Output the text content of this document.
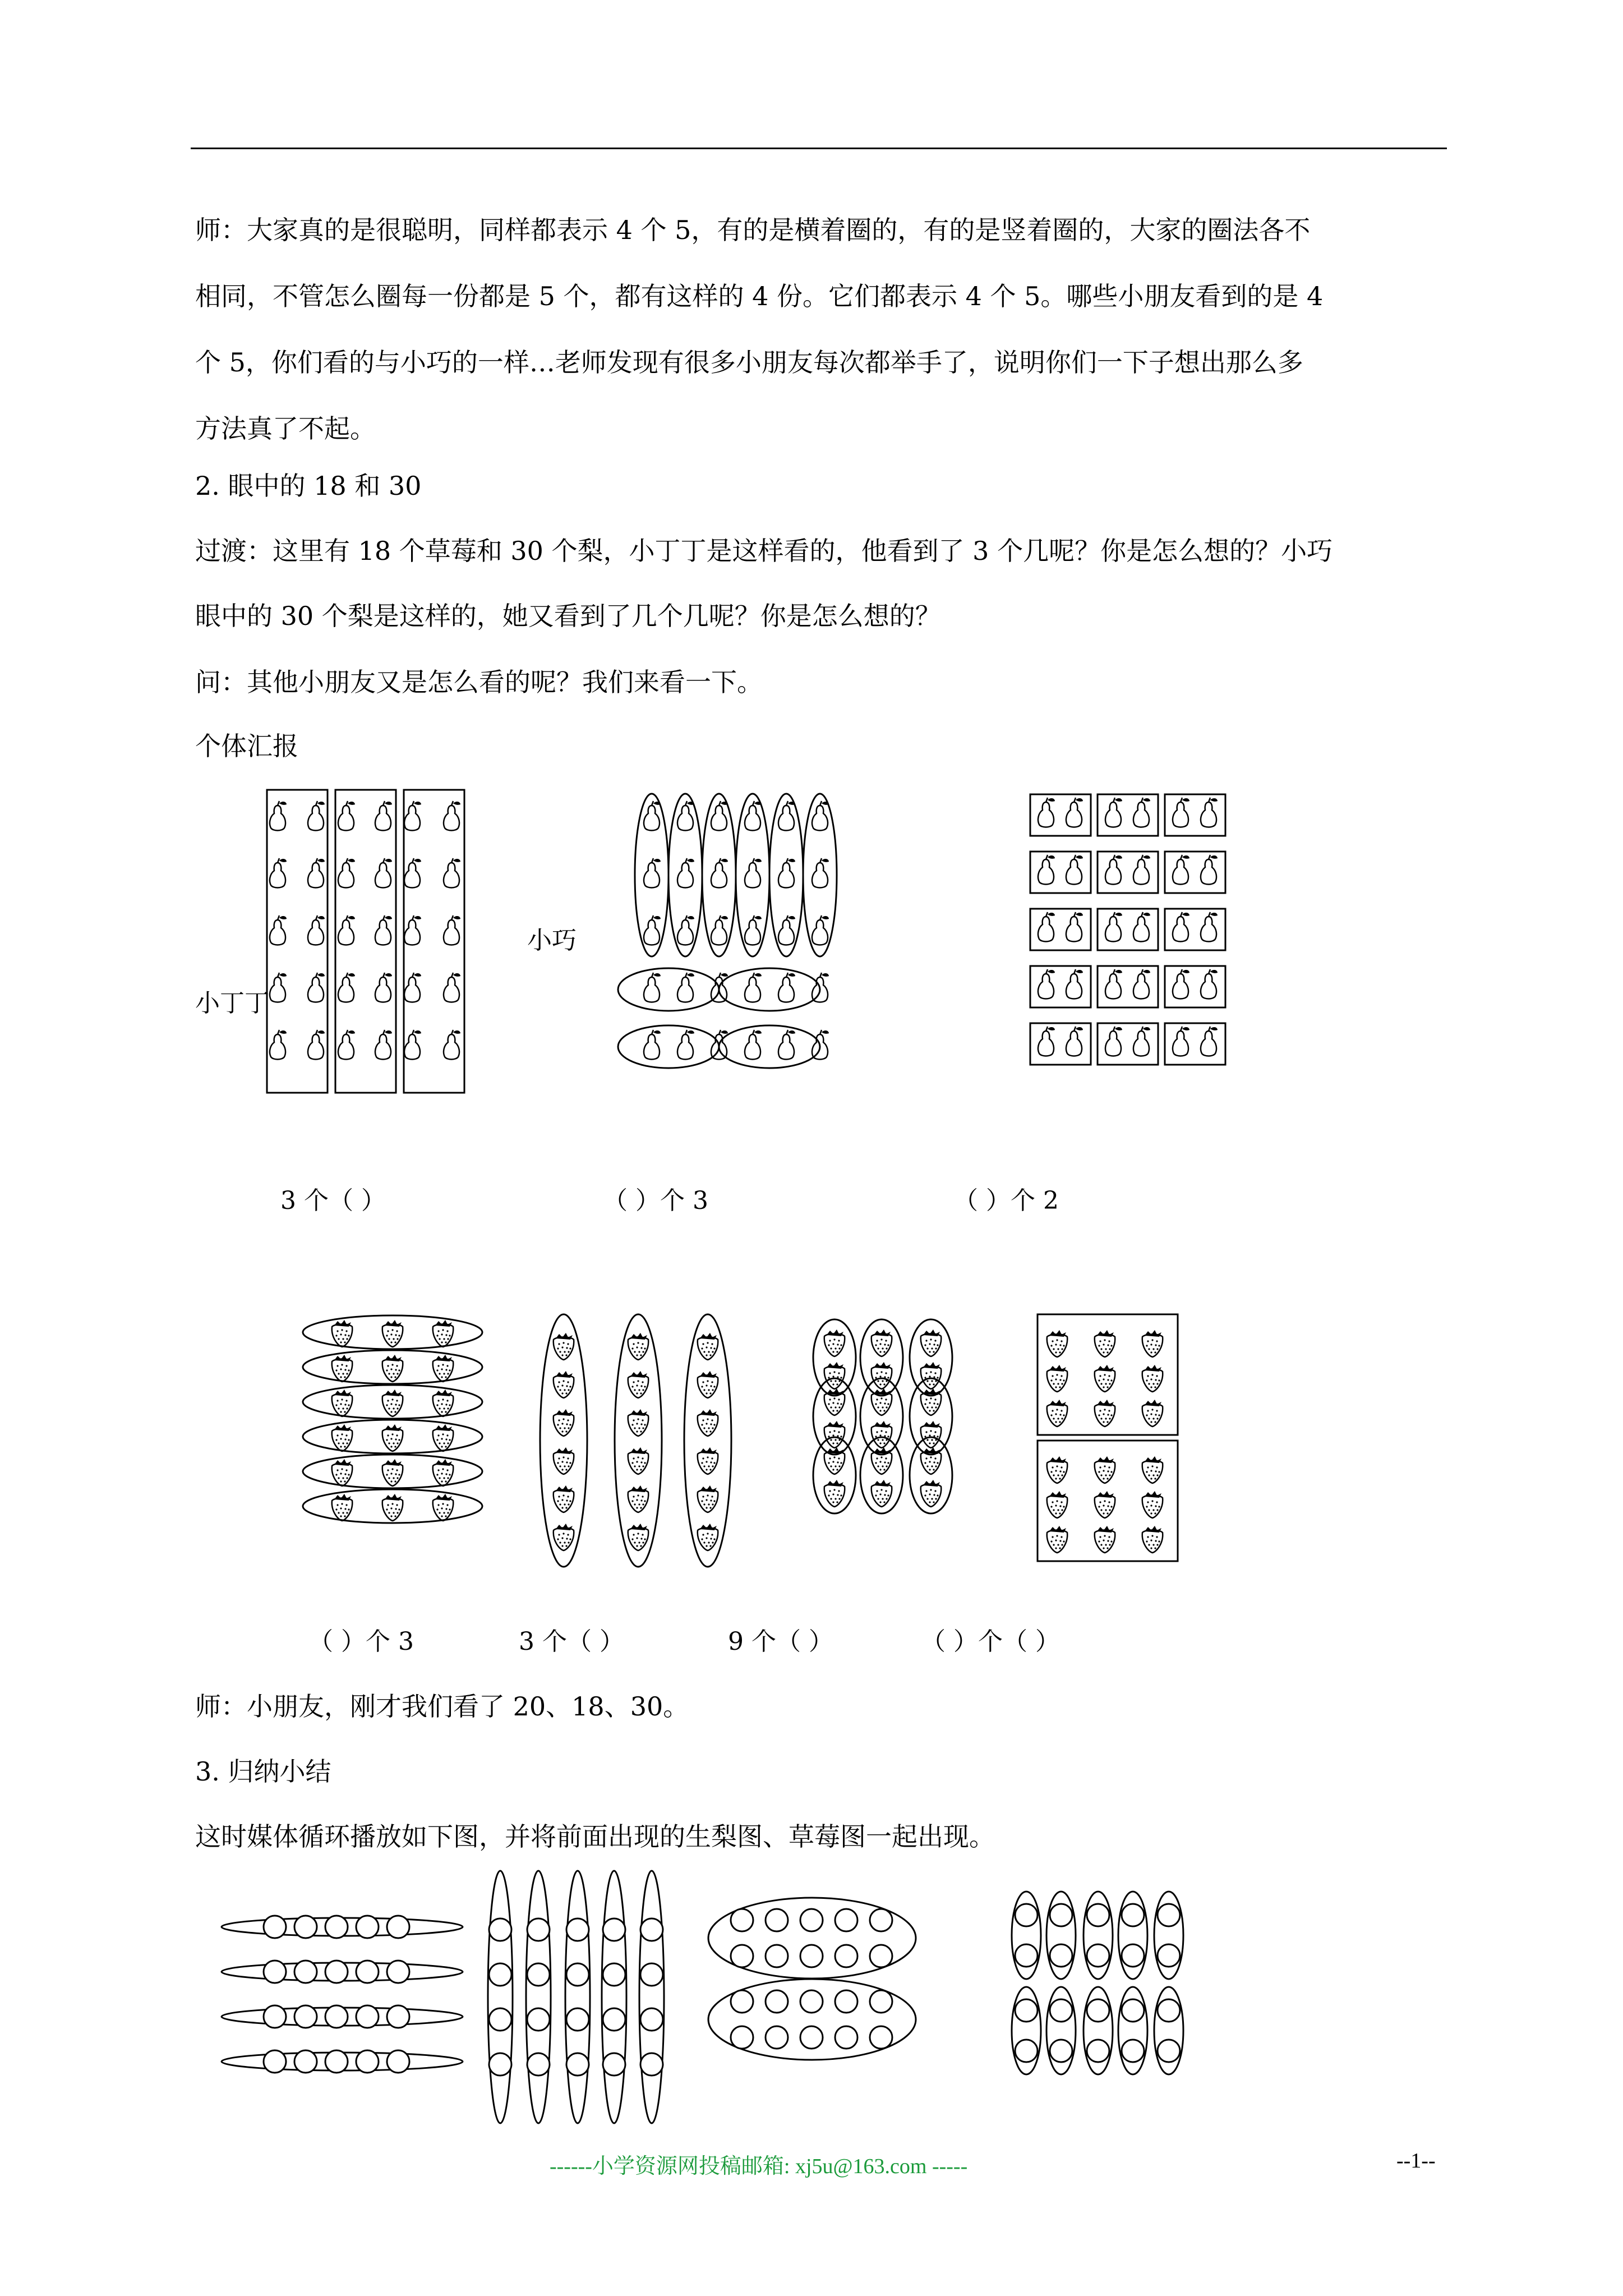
师：大家真的是很聪明，同样都表示 4 个 5，有的是横着圈的，有的是竖着圈的，大家的圈法各不
相同，不管怎么圈每一份都是 5 个，都有这样的 4 份。它们都表示 4 个 5。哪些小朋友看到的是 4
个 5，你们看的与小巧的一样…老师发现有很多小朋友每次都举手了，说明你们一下子想出那么多
方法真了不起。
2. 眼中的 18 和 30
过渡：这里有 18 个草莓和 30 个梨，小丁丁是这样看的，他看到了 3 个几呢？你是怎么想的？小巧
眼中的 30 个梨是这样的，她又看到了几个几呢？你是怎么想的？
问：其他小朋友又是怎么看的呢？我们来看一下。
个体汇报
小丁丁
小巧
3 个（ ）	（ ）个 3	（ ）个 2
（ ）个 3	3 个（ ）	9 个（ ）	（ ）个（ ）
师：小朋友，刚才我们看了 20、18、30。
3. 归纳小结
这时媒体循环播放如下图，并将前面出现的生梨图、草莓图一起出现。
------小学资源网投稿邮箱: xj5u@163.com -----	--1--
